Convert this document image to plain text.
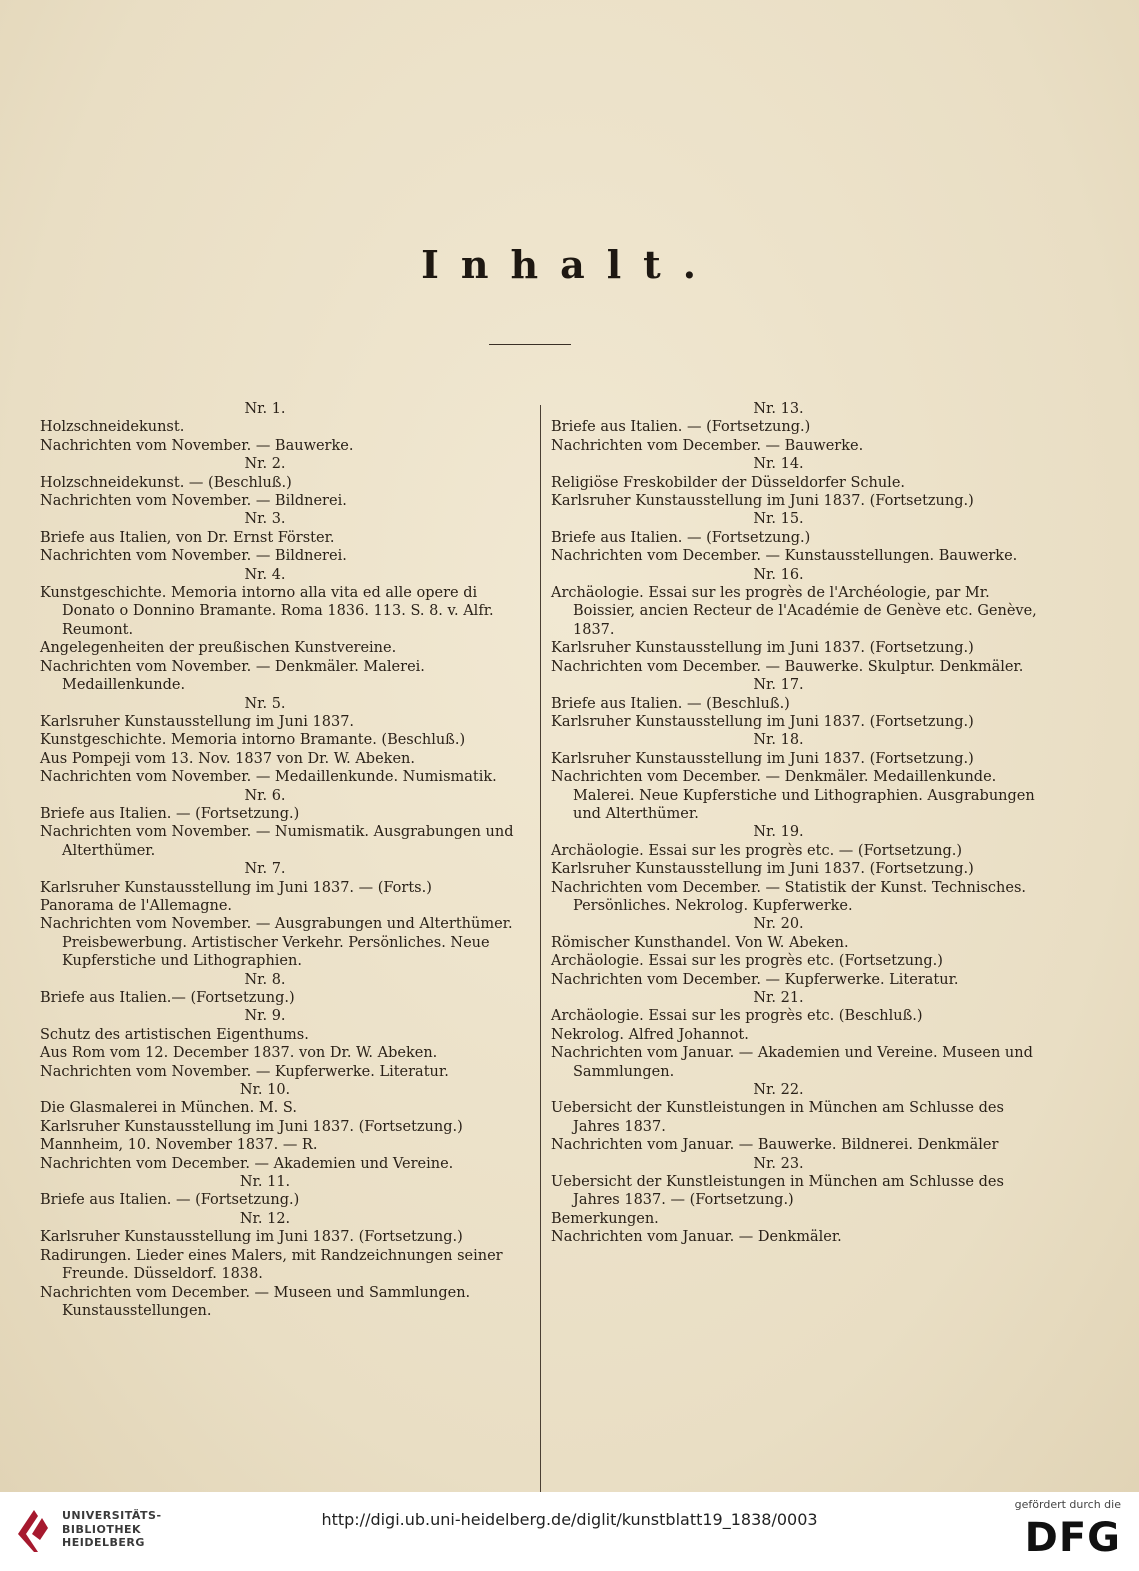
Inhalt.
Nr. 1.
Holzschneidekunst.
Nachrichten vom November. — Bauwerke.
Nr. 2.
Holzschneidekunst. — (Beschluß.)
Nachrichten vom November. — Bildnerei.
Nr. 3.
Briefe aus Italien, von Dr. Ernst Förster.
Nachrichten vom November. — Bildnerei.
Nr. 4.
Kunstgeschichte. Memoria intorno alla vita ed alle opere di Donato o Donnino Bramante. Roma 1836. 113. S. 8. v. Alfr. Reumont.
Angelegenheiten der preußischen Kunstvereine.
Nachrichten vom November. — Denkmäler. Malerei. Medaillenkunde.
Nr. 5.
Karlsruher Kunstausstellung im Juni 1837.
Kunstgeschichte. Memoria intorno Bramante. (Beschluß.)
Aus Pompeji vom 13. Nov. 1837 von Dr. W. Abeken.
Nachrichten vom November. — Medaillenkunde. Numismatik.
Nr. 6.
Briefe aus Italien. — (Fortsetzung.)
Nachrichten vom November. — Numismatik. Ausgrabungen und Alterthümer.
Nr. 7.
Karlsruher Kunstausstellung im Juni 1837. — (Forts.)
Panorama de l'Allemagne.
Nachrichten vom November. — Ausgrabungen und Alterthümer. Preisbewerbung. Artistischer Verkehr. Persönliches. Neue Kupferstiche und Lithographien.
Nr. 8.
Briefe aus Italien.— (Fortsetzung.)
Nr. 9.
Schutz des artistischen Eigenthums.
Aus Rom vom 12. December 1837. von Dr. W. Abeken.
Nachrichten vom November. — Kupferwerke. Literatur.
Nr. 10.
Die Glasmalerei in München. M. S.
Karlsruher Kunstausstellung im Juni 1837. (Fortsetzung.)
Mannheim, 10. November 1837. — R.
Nachrichten vom December. — Akademien und Vereine.
Nr. 11.
Briefe aus Italien. — (Fortsetzung.)
Nr. 12.
Karlsruher Kunstausstellung im Juni 1837. (Fortsetzung.)
Radirungen. Lieder eines Malers, mit Randzeichnungen seiner Freunde. Düsseldorf. 1838.
Nachrichten vom December. — Museen und Sammlungen. Kunstausstellungen.
Nr. 13.
Briefe aus Italien. — (Fortsetzung.)
Nachrichten vom December. — Bauwerke.
Nr. 14.
Religiöse Freskobilder der Düsseldorfer Schule.
Karlsruher Kunstausstellung im Juni 1837. (Fortsetzung.)
Nr. 15.
Briefe aus Italien. — (Fortsetzung.)
Nachrichten vom December. — Kunstausstellungen. Bauwerke.
Nr. 16.
Archäologie. Essai sur les progrès de l'Archéologie, par Mr. Boissier, ancien Recteur de l'Académie de Genève etc. Genève, 1837.
Karlsruher Kunstausstellung im Juni 1837. (Fortsetzung.)
Nachrichten vom December. — Bauwerke. Skulptur. Denkmäler.
Nr. 17.
Briefe aus Italien. — (Beschluß.)
Karlsruher Kunstausstellung im Juni 1837. (Fortsetzung.)
Nr. 18.
Karlsruher Kunstausstellung im Juni 1837. (Fortsetzung.)
Nachrichten vom December. — Denkmäler. Medaillenkunde. Malerei. Neue Kupferstiche und Lithographien. Ausgrabungen und Alterthümer.
Nr. 19.
Archäologie. Essai sur les progrès etc. — (Fortsetzung.)
Karlsruher Kunstausstellung im Juni 1837. (Fortsetzung.)
Nachrichten vom December. — Statistik der Kunst. Technisches. Persönliches. Nekrolog. Kupferwerke.
Nr. 20.
Römischer Kunsthandel. Von W. Abeken.
Archäologie. Essai sur les progrès etc. (Fortsetzung.)
Nachrichten vom December. — Kupferwerke. Literatur.
Nr. 21.
Archäologie. Essai sur les progrès etc. (Beschluß.)
Nekrolog. Alfred Johannot.
Nachrichten vom Januar. — Akademien und Vereine. Museen und Sammlungen.
Nr. 22.
Uebersicht der Kunstleistungen in München am Schlusse des Jahres 1837.
Nachrichten vom Januar. — Bauwerke. Bildnerei. Denkmäler
Nr. 23.
Uebersicht der Kunstleistungen in München am Schlusse des Jahres 1837. — (Fortsetzung.)
Bemerkungen.
Nachrichten vom Januar. — Denkmäler.
UNIVERSITÄTS-
BIBLIOTHEK
HEIDELBERG
http://digi.ub.uni-heidelberg.de/diglit/kunstblatt19_1838/0003
gefördert durch die
DFG
